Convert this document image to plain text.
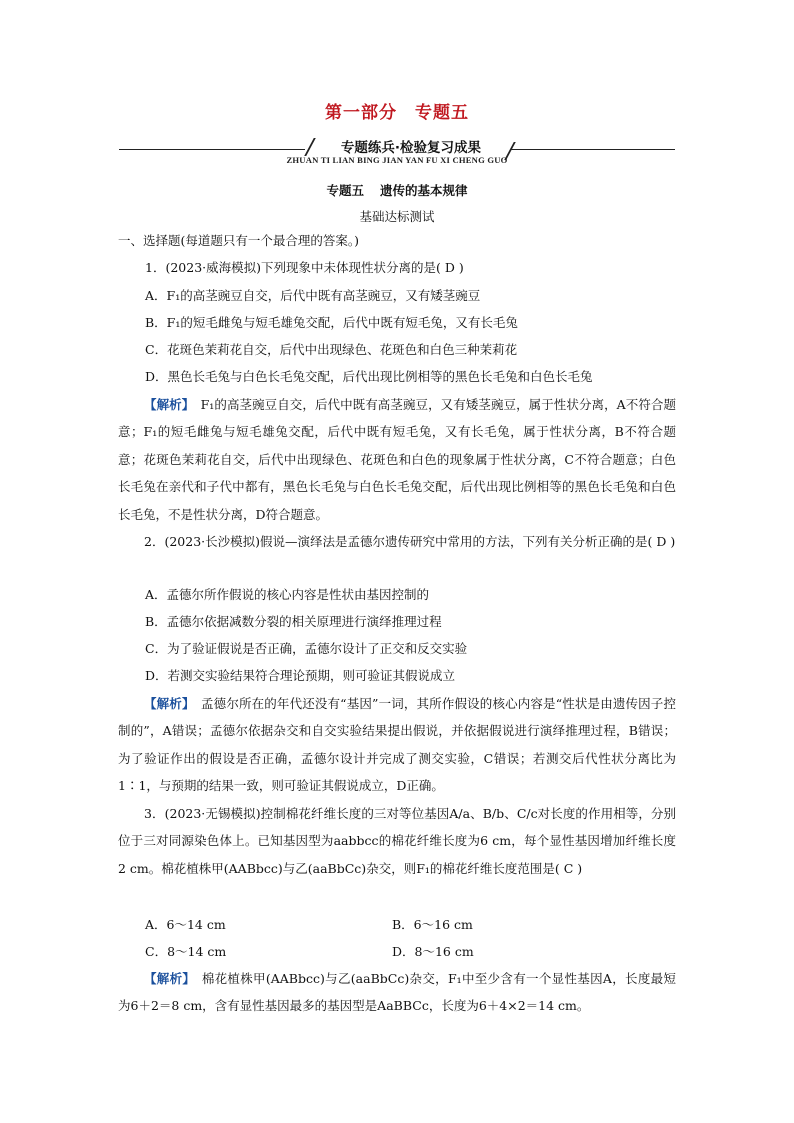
第一部分　专题五
专题练兵·检验复习成果
ZHUAN TI LIAN BING JIAN YAN FU XI CHENG GUO
专题五 遗传的基本规律
基础达标测试
一、选择题(每道题只有一个最合理的答案。)
1．(2023·威海模拟)下列现象中未体现性状分离的是( D )
A．F₁的高茎豌豆自交，后代中既有高茎豌豆，又有矮茎豌豆
B．F₁的短毛雌兔与短毛雄兔交配，后代中既有短毛兔，又有长毛兔
C．花斑色茉莉花自交，后代中出现绿色、花斑色和白色三种茉莉花
D．黑色长毛兔与白色长毛兔交配，后代出现比例相等的黑色长毛兔和白色长毛兔
【解析】　 F₁的高茎豌豆自交，后代中既有高茎豌豆，又有矮茎豌豆，属于性状分离，A不符合题意；F₁的短毛雌兔与短毛雄兔交配，后代中既有短毛兔，又有长毛兔，属于性状分离，B不符合题意；花斑色茉莉花自交，后代中出现绿色、花斑色和白色的现象属于性状分离，C不符合题意；白色长毛兔在亲代和子代中都有，黑色长毛兔与白色长毛兔交配，后代出现比例相等的黑色长毛兔和白色长毛兔，不是性状分离，D符合题意。
2．(2023·长沙模拟)假说—演绎法是孟德尔遗传研究中常用的方法，下列有关分析正确的是( D )
A．孟德尔所作假说的核心内容是性状由基因控制的
B．孟德尔依据减数分裂的相关原理进行演绎推理过程
C．为了验证假说是否正确，孟德尔设计了正交和反交实验
D．若测交实验结果符合理论预期，则可验证其假说成立
【解析】　 孟德尔所在的年代还没有“基因”一词，其所作假设的核心内容是“性状是由遗传因子控制的”，A错误；孟德尔依据杂交和自交实验结果提出假说，并依据假说进行演绎推理过程，B错误；为了验证作出的假设是否正确，孟德尔设计并完成了测交实验，C错误；若测交后代性状分离比为1∶1，与预期的结果一致，则可验证其假说成立，D正确。
3．(2023·无锡模拟)控制棉花纤维长度的三对等位基因A/a、B/b、C/c对长度的作用相等，分别位于三对同源染色体上。已知基因型为aabbcc的棉花纤维长度为6 cm，每个显性基因增加纤维长度2 cm。棉花植株甲(AABbcc)与乙(aaBbCc)杂交，则F₁的棉花纤维长度范围是( C )
A．6～14 cm	B．6～16 cm
C．8～14 cm	D．8～16 cm
【解析】　 棉花植株甲(AABbcc)与乙(aaBbCc)杂交，F₁中至少含有一个显性基因A，长度最短为6＋2＝8 cm，含有显性基因最多的基因型是AaBBCc，长度为6＋4×2＝14 cm。
